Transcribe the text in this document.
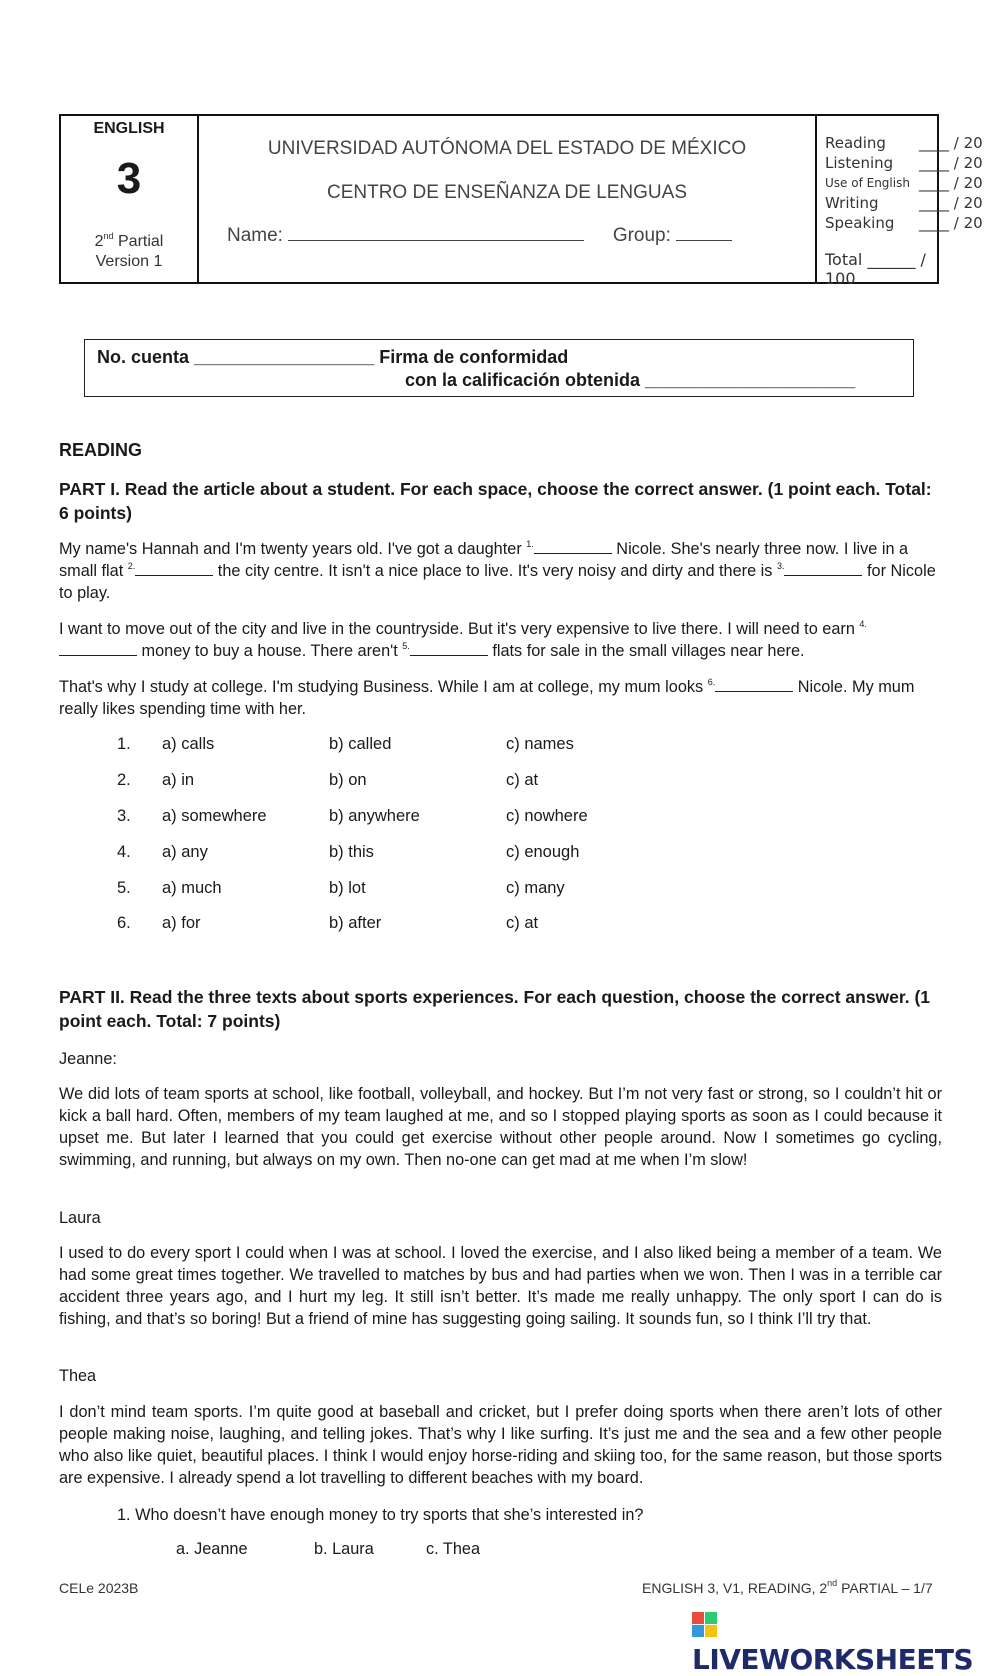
ENGLISH
3
2nd Partial
Version 1
UNIVERSIDAD AUTÓNOMA DEL ESTADO DE MÉXICO
CENTRO DE ENSEÑANZA DE LENGUAS
Name:	Group:
Reading ____ / 20
Listening ____ / 20
Use of English ____ / 20
Writing	____ / 20
Speaking ____ / 20
Total ______ / 100
No. cuenta __________________ Firma de conformidad
con la calificación obtenida _____________________
READING
PART I. Read the article about a student. For each space, choose the correct answer. (1 point each. Total: 6 points)
My name's Hannah and I'm twenty years old. I've got a daughter $^{1.}$	Nicole. She's nearly three now. I live in a small flat $^{2.}$	the city centre. It isn't a nice place to live. It's very noisy and dirty and there is $^{3.}$	for Nicole to play.
I want to move out of the city and live in the countryside. But it's very expensive to live there. I will need to earn $^{4.}$ money to buy a house. There aren't $^{5.}$	flats for sale in the small villages near here.
That's why I study at college. I'm studying Business. While I am at college, my mum looks $^{6.}$	Nicole. My mum really likes spending time with her.
1. a) calls	b) called	c) names
2. a) in	b) on	c) at
3. a) somewhere	b) anywhere	c) nowhere
4. a) any	b) this	c) enough
5. a) much	b) lot	c) many
6. a) for	b) after	c) at
PART II. Read the three texts about sports experiences. For each question, choose the correct answer. (1 point each. Total: 7 points)
Jeanne:
We did lots of team sports at school, like football, volleyball, and hockey. But I’m not very fast or strong, so I couldn’t hit or kick a ball hard. Often, members of my team laughed at me, and so I stopped playing sports as soon as I could because it upset me. But later I learned that you could get exercise without other people around. Now I sometimes go cycling, swimming, and running, but always on my own. Then no-one can get mad at me when I’m slow!
Laura
I used to do every sport I could when I was at school. I loved the exercise, and I also liked being a member of a team. We had some great times together. We travelled to matches by bus and had parties when we won. Then I was in a terrible car accident three years ago, and I hurt my leg. It still isn’t better. It’s made me really unhappy. The only sport I can do is fishing, and that’s so boring! But a friend of mine has suggesting going sailing. It sounds fun, so I think I’ll try that.
Thea
I don’t mind team sports. I’m quite good at baseball and cricket, but I prefer doing sports when there aren’t lots of other people making noise, laughing, and telling jokes. That’s why I like surfing. It’s just me and the sea and a few other people who also like quiet, beautiful places. I think I would enjoy horse-riding and skiing too, for the same reason, but those sports are expensive. I already spend a lot travelling to different beaches with my board.
1. Who doesn’t have enough money to try sports that she’s interested in?
a. Jeanne	b. Laura	c. Thea
CELe 2023B	ENGLISH 3, V1, READING, 2nd PARTIAL – 1/7
LIVEWORKSHEETS
